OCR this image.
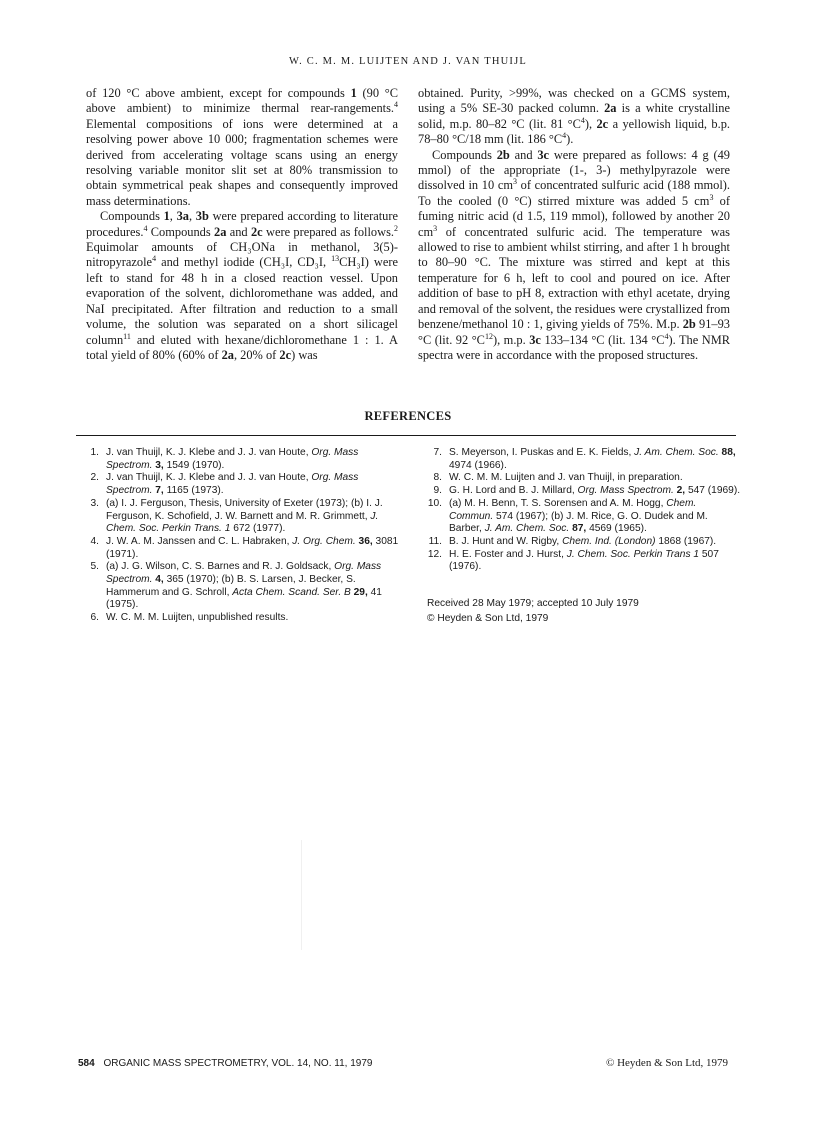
W. C. M. M. LUIJTEN AND J. VAN THUIJL

of 120 °C above ambient, except for compounds 1 (90 °C above ambient) to minimize thermal rear-rangements.$^4$ Elemental compositions of ions were determined at a resolving power above 10 000; fragmentation schemes were derived from accelerating voltage scans using an energy resolving variable monitor slit set at 80% transmission to obtain symmetrical peak shapes and consequently improved mass determinations.

Compounds 1, 3a, 3b were prepared according to literature procedures.$^4$ Compounds 2a and 2c were prepared as follows.$^2$ Equimolar amounts of CH₃ONa in methanol, 3(5)-nitropyrazole$^4$ and methyl iodide (CH₃I, CD₃I, $^{13}$CH₃I) were left to stand for 48 h in a closed reaction vessel. Upon evaporation of the solvent, dichloromethane was added, and NaI precipitated. After filtration and reduction to a small volume, the solution was separated on a short silicagel column$^{11}$ and eluted with hexane/dichloromethane 1 : 1. A total yield of 80% (60% of 2a, 20% of 2c) was

obtained. Purity, >99%, was checked on a GCMS system, using a 5% SE-30 packed column. 2a is a white crystalline solid, m.p. 80–82 °C (lit. 81 $^\circ C^4$), 2c a yellowish liquid, b.p. 78–80 °C/18 mm (lit. 186 $^\circ C^4$).

Compounds 2b and 3c were prepared as follows: 4 g (49 mmol) of the appropriate (1-, 3-) methylpyrazole were dissolved in 10 $cm^3$ of concentrated sulfuric acid (188 mmol). To the cooled (0 °C) stirred mixture was added 5 $cm^3$ of fuming nitric acid (d 1.5, 119 mmol), followed by another 20 $cm^3$ of concentrated sulfuric acid. The temperature was allowed to rise to ambient whilst stirring, and after 1 h brought to 80–90 °C. The mixture was stirred and kept at this temperature for 6 h, left to cool and poured on ice. After addition of base to pH 8, extraction with ethyl acetate, drying and removal of the solvent, the residues were crystallized from benzene/methanol 10 : 1, giving yields of 75%. M.p. 2b 91–93 °C (lit. 92 $^\circ C^{12}$), m.p. 3c 133–134 °C (lit. 134 $^\circ C^4$). The NMR spectra were in accordance with the proposed structures.

REFERENCES
1. J. van Thuijl, K. J. Klebe and J. J. van Houte, Org. Mass Spectrom. 3, 1549 (1970).
2. J. van Thuijl, K. J. Klebe and J. J. van Houte, Org. Mass Spectrom. 7, 1165 (1973).
3. (a) I. J. Ferguson, Thesis, University of Exeter (1973); (b) I. J. Ferguson, K. Schofield, J. W. Barnett and M. R. Grimmett, J. Chem. Soc. Perkin Trans. 1 672 (1977).
4. J. W. A. M. Janssen and C. L. Habraken, J. Org. Chem. 36, 3081 (1971).
5. (a) J. G. Wilson, C. S. Barnes and R. J. Goldsack, Org. Mass Spectrom. 4, 365 (1970); (b) B. S. Larsen, J. Becker, S. Hammerum and G. Schroll, Acta Chem. Scand. Ser. B 29, 41 (1975).
6. W. C. M. M. Luijten, unpublished results.
7. S. Meyerson, I. Puskas and E. K. Fields, J. Am. Chem. Soc. 88, 4974 (1966).
8. W. C. M. M. Luijten and J. van Thuijl, in preparation.
9. G. H. Lord and B. J. Millard, Org. Mass Spectrom. 2, 547 (1969).
10. (a) M. H. Benn, T. S. Sorensen and A. M. Hogg, Chem. Commun. 574 (1967); (b) J. M. Rice, G. O. Dudek and M. Barber, J. Am. Chem. Soc. 87, 4569 (1965).
11. B. J. Hunt and W. Rigby, Chem. Ind. (London) 1868 (1967).
12. H. E. Foster and J. Hurst, J. Chem. Soc. Perkin Trans 1 507 (1976).
Received 28 May 1979; accepted 10 July 1979
© Heyden & Son Ltd, 1979
584 ORGANIC MASS SPECTROMETRY, VOL. 14, NO. 11, 1979	© Heyden & Son Ltd, 1979
